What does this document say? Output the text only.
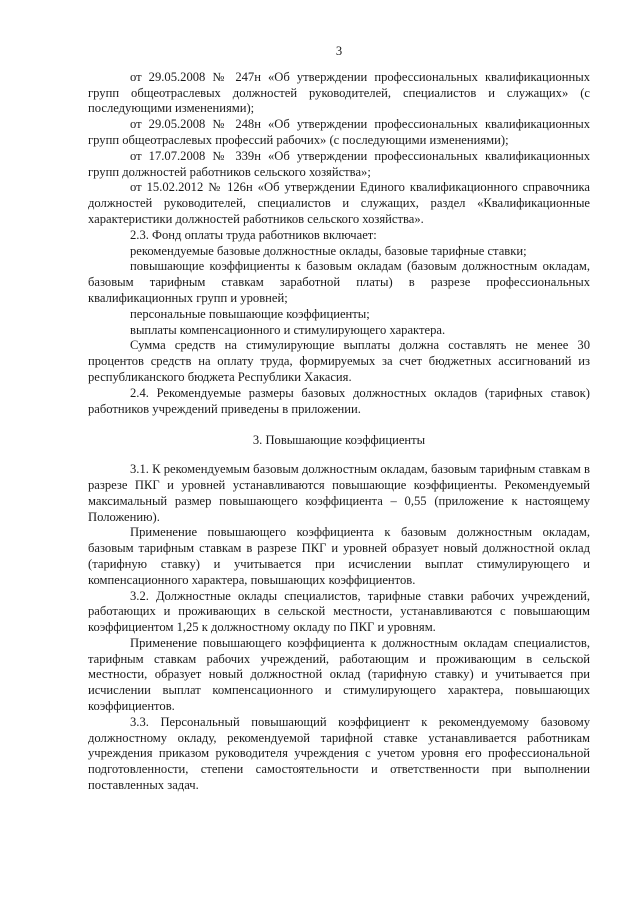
3

от 29.05.2008 № 247н «Об утверждении профессиональных квалификационных групп общеотраслевых должностей руководителей, специалистов и служащих» (с последующими изменениями);

от 29.05.2008 № 248н «Об утверждении профессиональных квалификационных групп общеотраслевых профессий рабочих» (с последующими изменениями);

от 17.07.2008 № 339н «Об утверждении профессиональных квалификационных групп должностей работников сельского хозяйства»;

от 15.02.2012 № 126н «Об утверждении Единого квалификационного справочника должностей руководителей, специалистов и служащих, раздел «Квалификационные характеристики должностей работников сельского хозяйства».

2.3. Фонд оплаты труда работников включает:

рекомендуемые базовые должностные оклады, базовые тарифные ставки;

повышающие коэффициенты к базовым окладам (базовым должностным окладам, базовым тарифным ставкам заработной платы) в разрезе профессиональных квалификационных групп и уровней;

персональные повышающие коэффициенты;

выплаты компенсационного и стимулирующего характера.

Сумма средств на стимулирующие выплаты должна составлять не менее 30 процентов средств на оплату труда, формируемых за счет бюджетных ассигнований из республиканского бюджета Республики Хакасия.

2.4. Рекомендуемые размеры базовых должностных окладов (тарифных ставок) работников учреждений приведены в приложении.

3. Повышающие коэффициенты

3.1. К рекомендуемым базовым должностным окладам, базовым тарифным ставкам в разрезе ПКГ и уровней устанавливаются повышающие коэффициенты. Рекомендуемый максимальный размер повышающего коэффициента – 0,55 (приложение к настоящему Положению).

Применение повышающего коэффициента к базовым должностным окладам, базовым тарифным ставкам в разрезе ПКГ и уровней образует новый должностной оклад (тарифную ставку) и учитывается при исчислении выплат стимулирующего и компенсационного характера, повышающих коэффициентов.

3.2. Должностные оклады специалистов, тарифные ставки рабочих учреждений, работающих и проживающих в сельской местности, устанавливаются с повышающим коэффициентом 1,25 к должностному окладу по ПКГ и уровням.

Применение повышающего коэффициента к должностным окладам специалистов, тарифным ставкам рабочих учреждений, работающим и проживающим в сельской местности, образует новый должностной оклад (тарифную ставку) и учитывается при исчислении выплат компенсационного и стимулирующего характера, повышающих коэффициентов.

3.3. Персональный повышающий коэффициент к рекомендуемому базовому должностному окладу, рекомендуемой тарифной ставке устанавливается работникам учреждения приказом руководителя учреждения с учетом уровня его профессиональной подготовленности, степени самостоятельности и ответственности при выполнении поставленных задач.
